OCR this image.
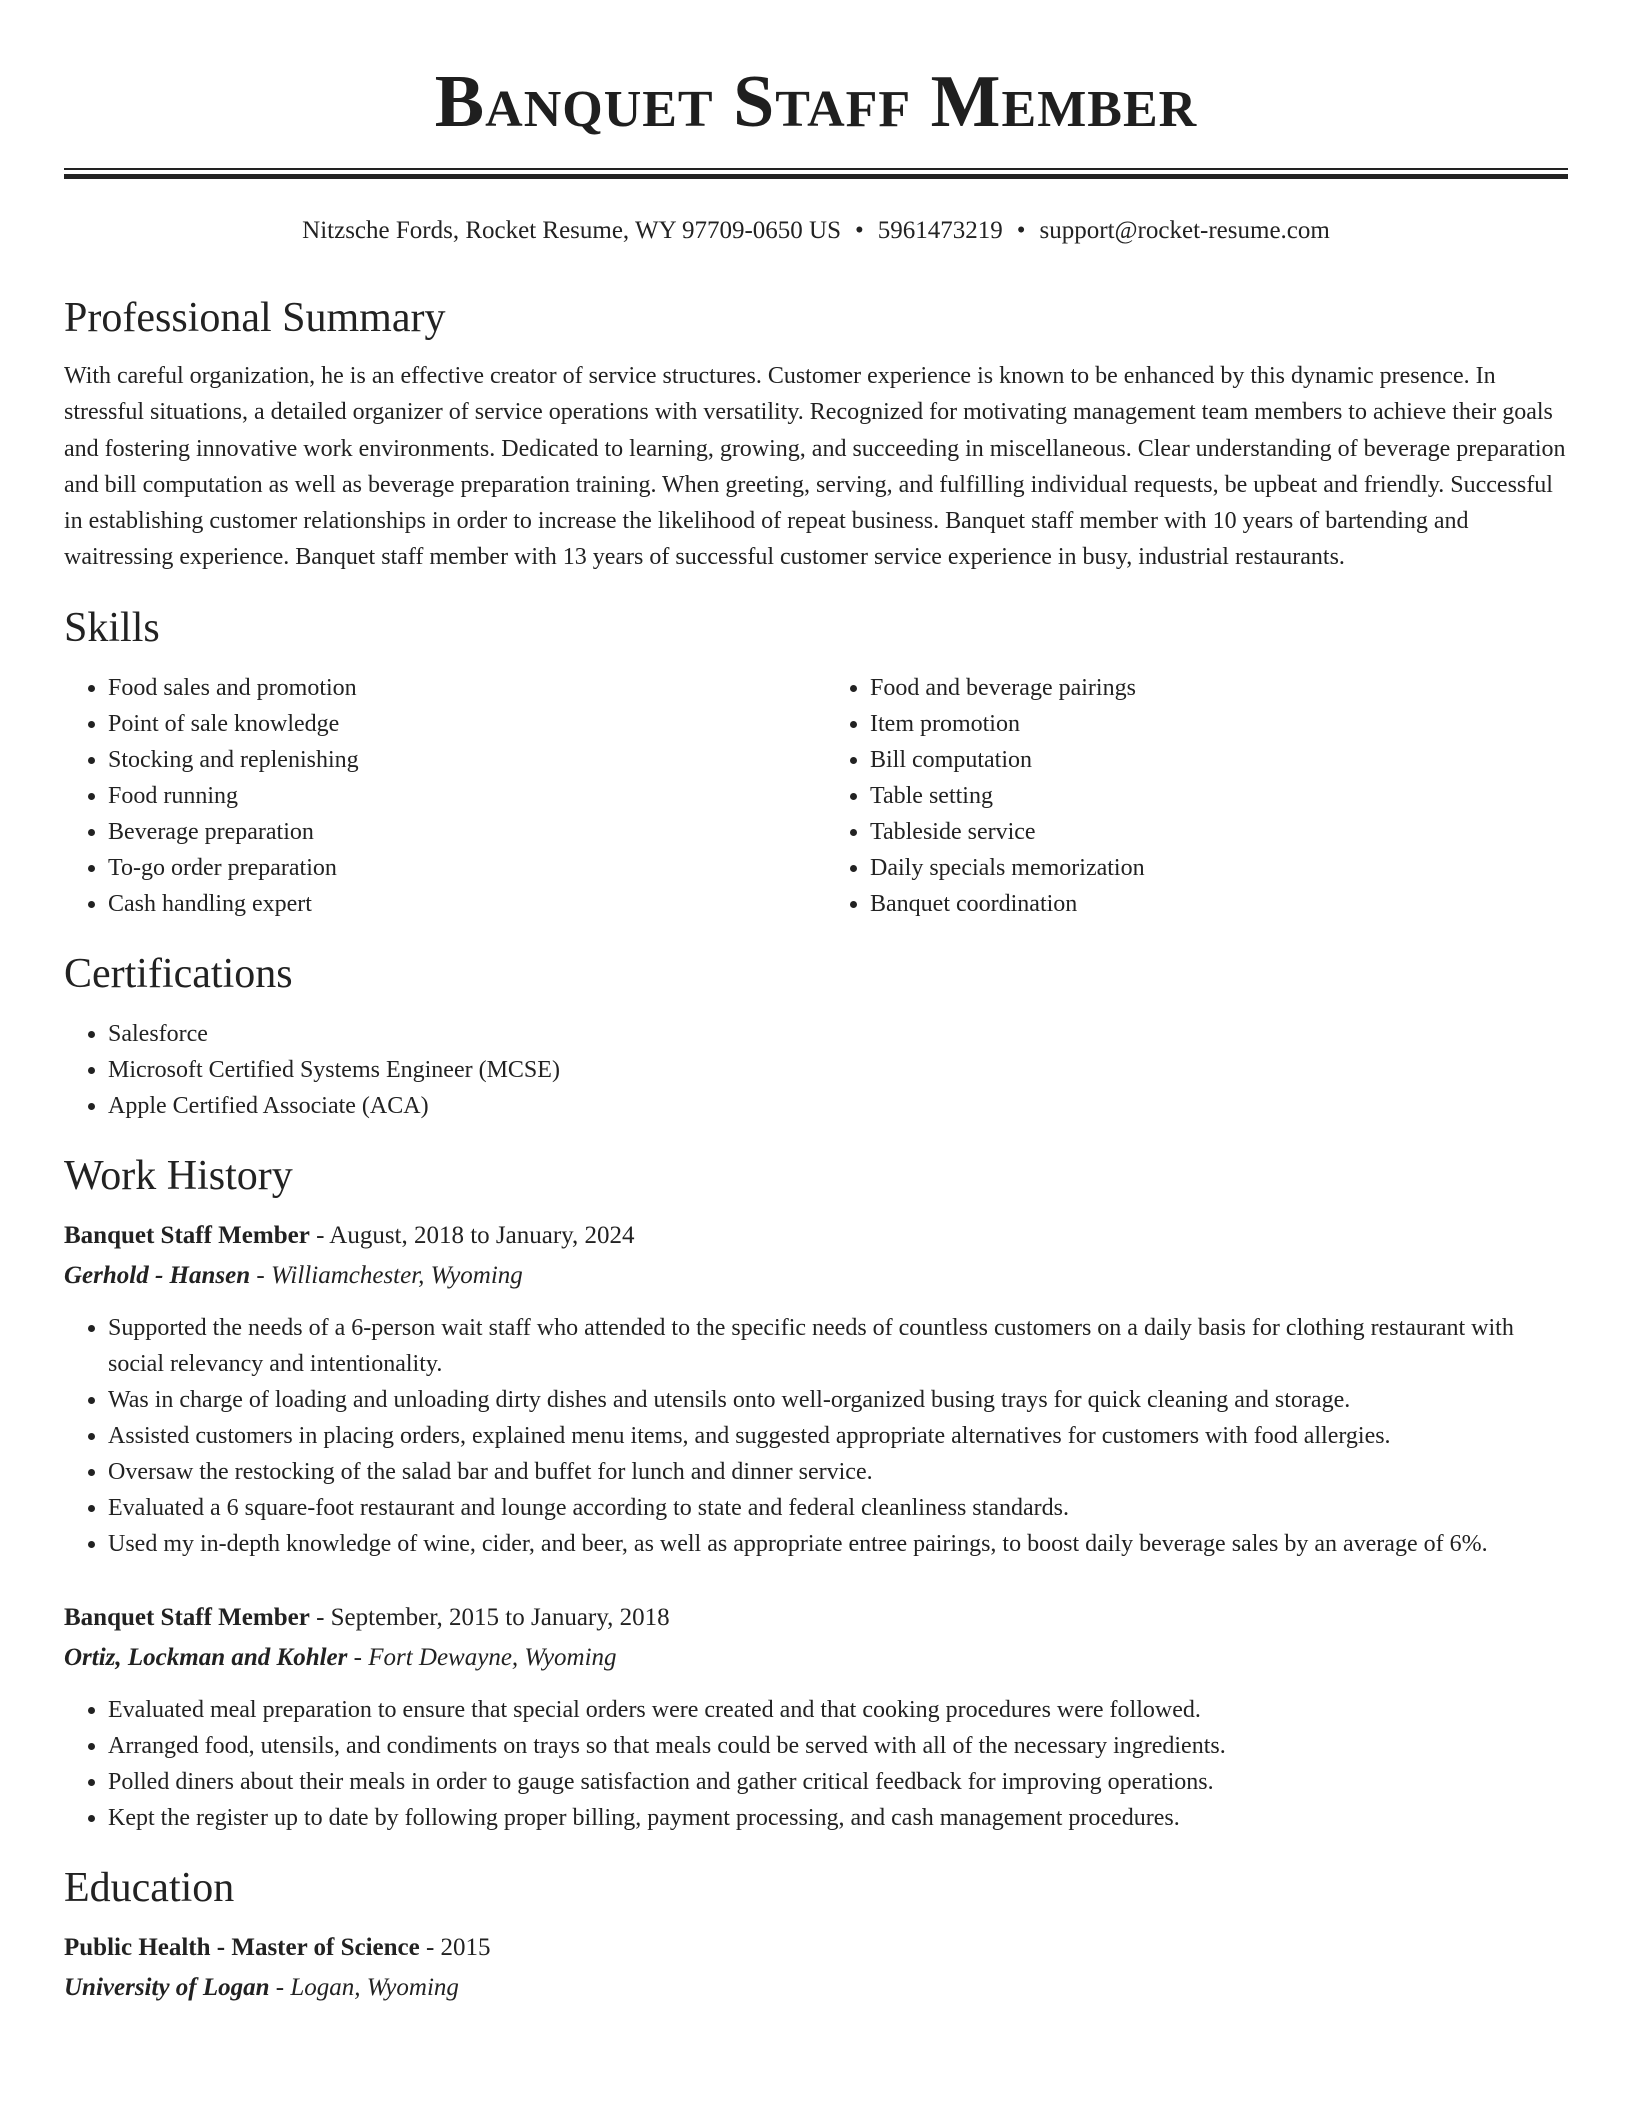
Banquet Staff Member
Nitzsche Fords, Rocket Resume, WY 97709-0650 US • 5961473219 • support@rocket-resume.com
Professional Summary

With careful organization, he is an effective creator of service structures. Customer experience is known to be enhanced by this dynamic presence. In stressful situations, a detailed organizer of service operations with versatility. Recognized for motivating management team members to achieve their goals and fostering innovative work environments. Dedicated to learning, growing, and succeeding in miscellaneous. Clear understanding of beverage preparation and bill computation as well as beverage preparation training. When greeting, serving, and fulfilling individual requests, be upbeat and friendly. Successful in establishing customer relationships in order to increase the likelihood of repeat business. Banquet staff member with 10 years of bartending and waitressing experience. Banquet staff member with 13 years of successful customer service experience in busy, industrial restaurants.

Skills
• Food sales and promotion
• Point of sale knowledge
• Stocking and replenishing
• Food running
• Beverage preparation
• To-go order preparation
• Cash handling expert
• Food and beverage pairings
• Item promotion
• Bill computation
• Table setting
• Tableside service
• Daily specials memorization
• Banquet coordination
Certifications
• Salesforce
• Microsoft Certified Systems Engineer (MCSE)
• Apple Certified Associate (ACA)
Work History
Banquet Staff Member - August, 2018 to January, 2024
Gerhold - Hansen - Williamchester, Wyoming
• Supported the needs of a 6-person wait staff who attended to the specific needs of countless customers on a daily basis for clothing restaurant with social relevancy and intentionality.
• Was in charge of loading and unloading dirty dishes and utensils onto well-organized busing trays for quick cleaning and storage.
• Assisted customers in placing orders, explained menu items, and suggested appropriate alternatives for customers with food allergies.
• Oversaw the restocking of the salad bar and buffet for lunch and dinner service.
• Evaluated a 6 square-foot restaurant and lounge according to state and federal cleanliness standards.
• Used my in-depth knowledge of wine, cider, and beer, as well as appropriate entree pairings, to boost daily beverage sales by an average of 6%.
Banquet Staff Member - September, 2015 to January, 2018
Ortiz, Lockman and Kohler - Fort Dewayne, Wyoming
• Evaluated meal preparation to ensure that special orders were created and that cooking procedures were followed.
• Arranged food, utensils, and condiments on trays so that meals could be served with all of the necessary ingredients.
• Polled diners about their meals in order to gauge satisfaction and gather critical feedback for improving operations.
• Kept the register up to date by following proper billing, payment processing, and cash management procedures.
Education
Public Health - Master of Science - 2015
University of Logan - Logan, Wyoming
